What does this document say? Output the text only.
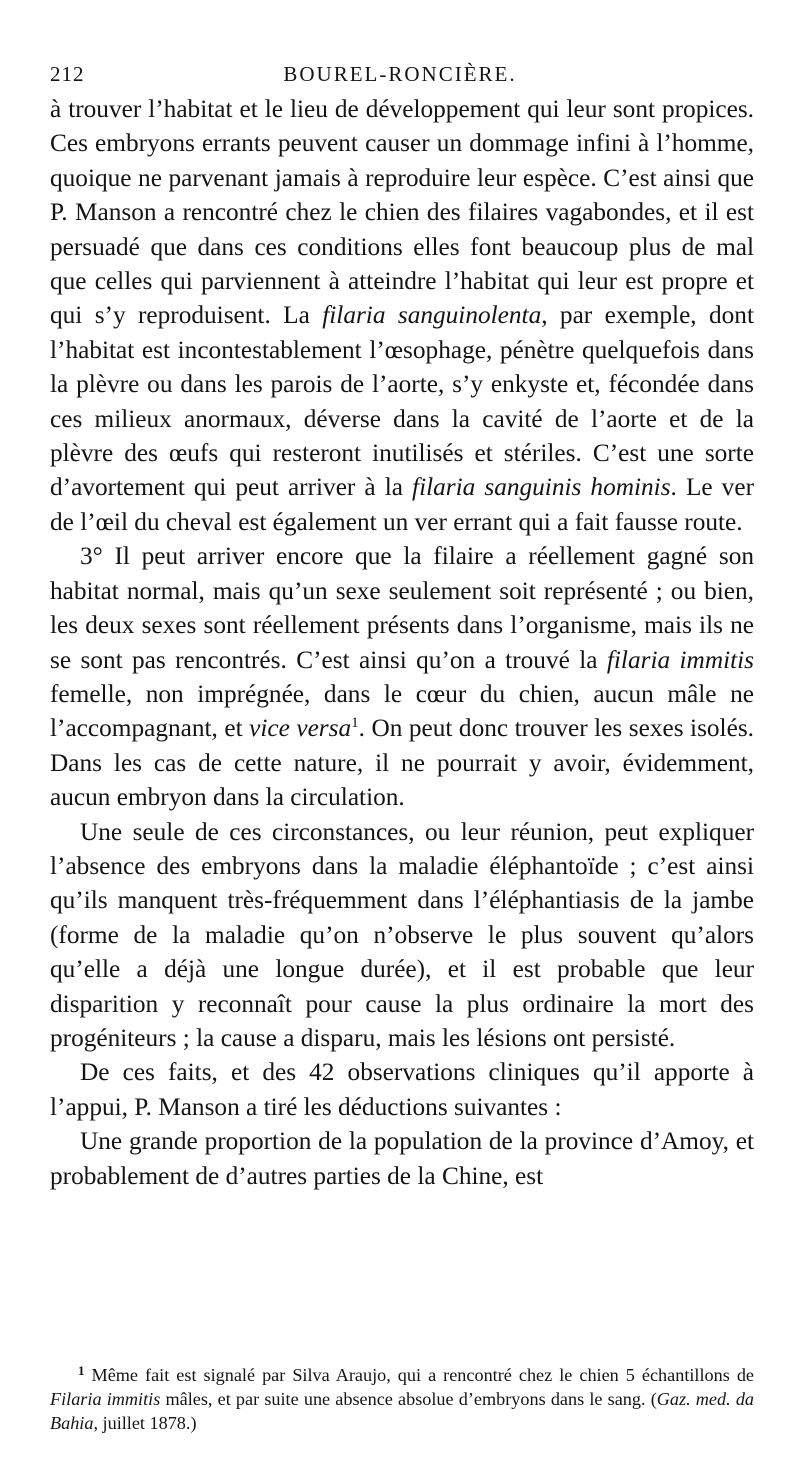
212	BOUREL-RONCIÈRE.

à trouver l’habitat et le lieu de développement qui leur sont propices. Ces embryons errants peuvent causer un dommage infini à l’homme, quoique ne parvenant jamais à reproduire leur espèce. C’est ainsi que P. Manson a rencontré chez le chien des filaires vagabondes, et il est persuadé que dans ces conditions elles font beaucoup plus de mal que celles qui parviennent à atteindre l’habitat qui leur est propre et qui s’y reproduisent. La filaria sanguinolenta, par exemple, dont l’habitat est incontestablement l’œsophage, pénètre quelquefois dans la plèvre ou dans les parois de l’aorte, s’y enkyste et, fécondée dans ces milieux anormaux, déverse dans la cavité de l’aorte et de la plèvre des œufs qui resteront inutilisés et stériles. C’est une sorte d’avortement qui peut arriver à la filaria sanguinis hominis. Le ver de l’œil du cheval est également un ver errant qui a fait fausse route.

3° Il peut arriver encore que la filaire a réellement gagné son habitat normal, mais qu’un sexe seulement soit représenté ; ou bien, les deux sexes sont réellement présents dans l’organisme, mais ils ne se sont pas rencontrés. C’est ainsi qu’on a trouvé la filaria immitis femelle, non imprégnée, dans le cœur du chien, aucun mâle ne l’accompagnant, et vice versa$^1$. On peut donc trouver les sexes isolés. Dans les cas de cette nature, il ne pourrait y avoir, évidemment, aucun embryon dans la circulation.

Une seule de ces circonstances, ou leur réunion, peut expliquer l’absence des embryons dans la maladie éléphantoïde ; c’est ainsi qu’ils manquent très-fréquemment dans l’éléphantiasis de la jambe (forme de la maladie qu’on n’observe le plus souvent qu’alors qu’elle a déjà une longue durée), et il est probable que leur disparition y reconnaît pour cause la plus ordinaire la mort des progéniteurs ; la cause a disparu, mais les lésions ont persisté.

De ces faits, et des 42 observations cliniques qu’il apporte à l’appui, P. Manson a tiré les déductions suivantes :

Une grande proportion de la population de la province d’Amoy, et probablement de d’autres parties de la Chine, est

$^1$ Même fait est signalé par Silva Araujo, qui a rencontré chez le chien 5 échantillons de Filaria immitis mâles, et par suite une absence absolue d’embryons dans le sang. (Gaz. med. da Bahia, juillet 1878.)
